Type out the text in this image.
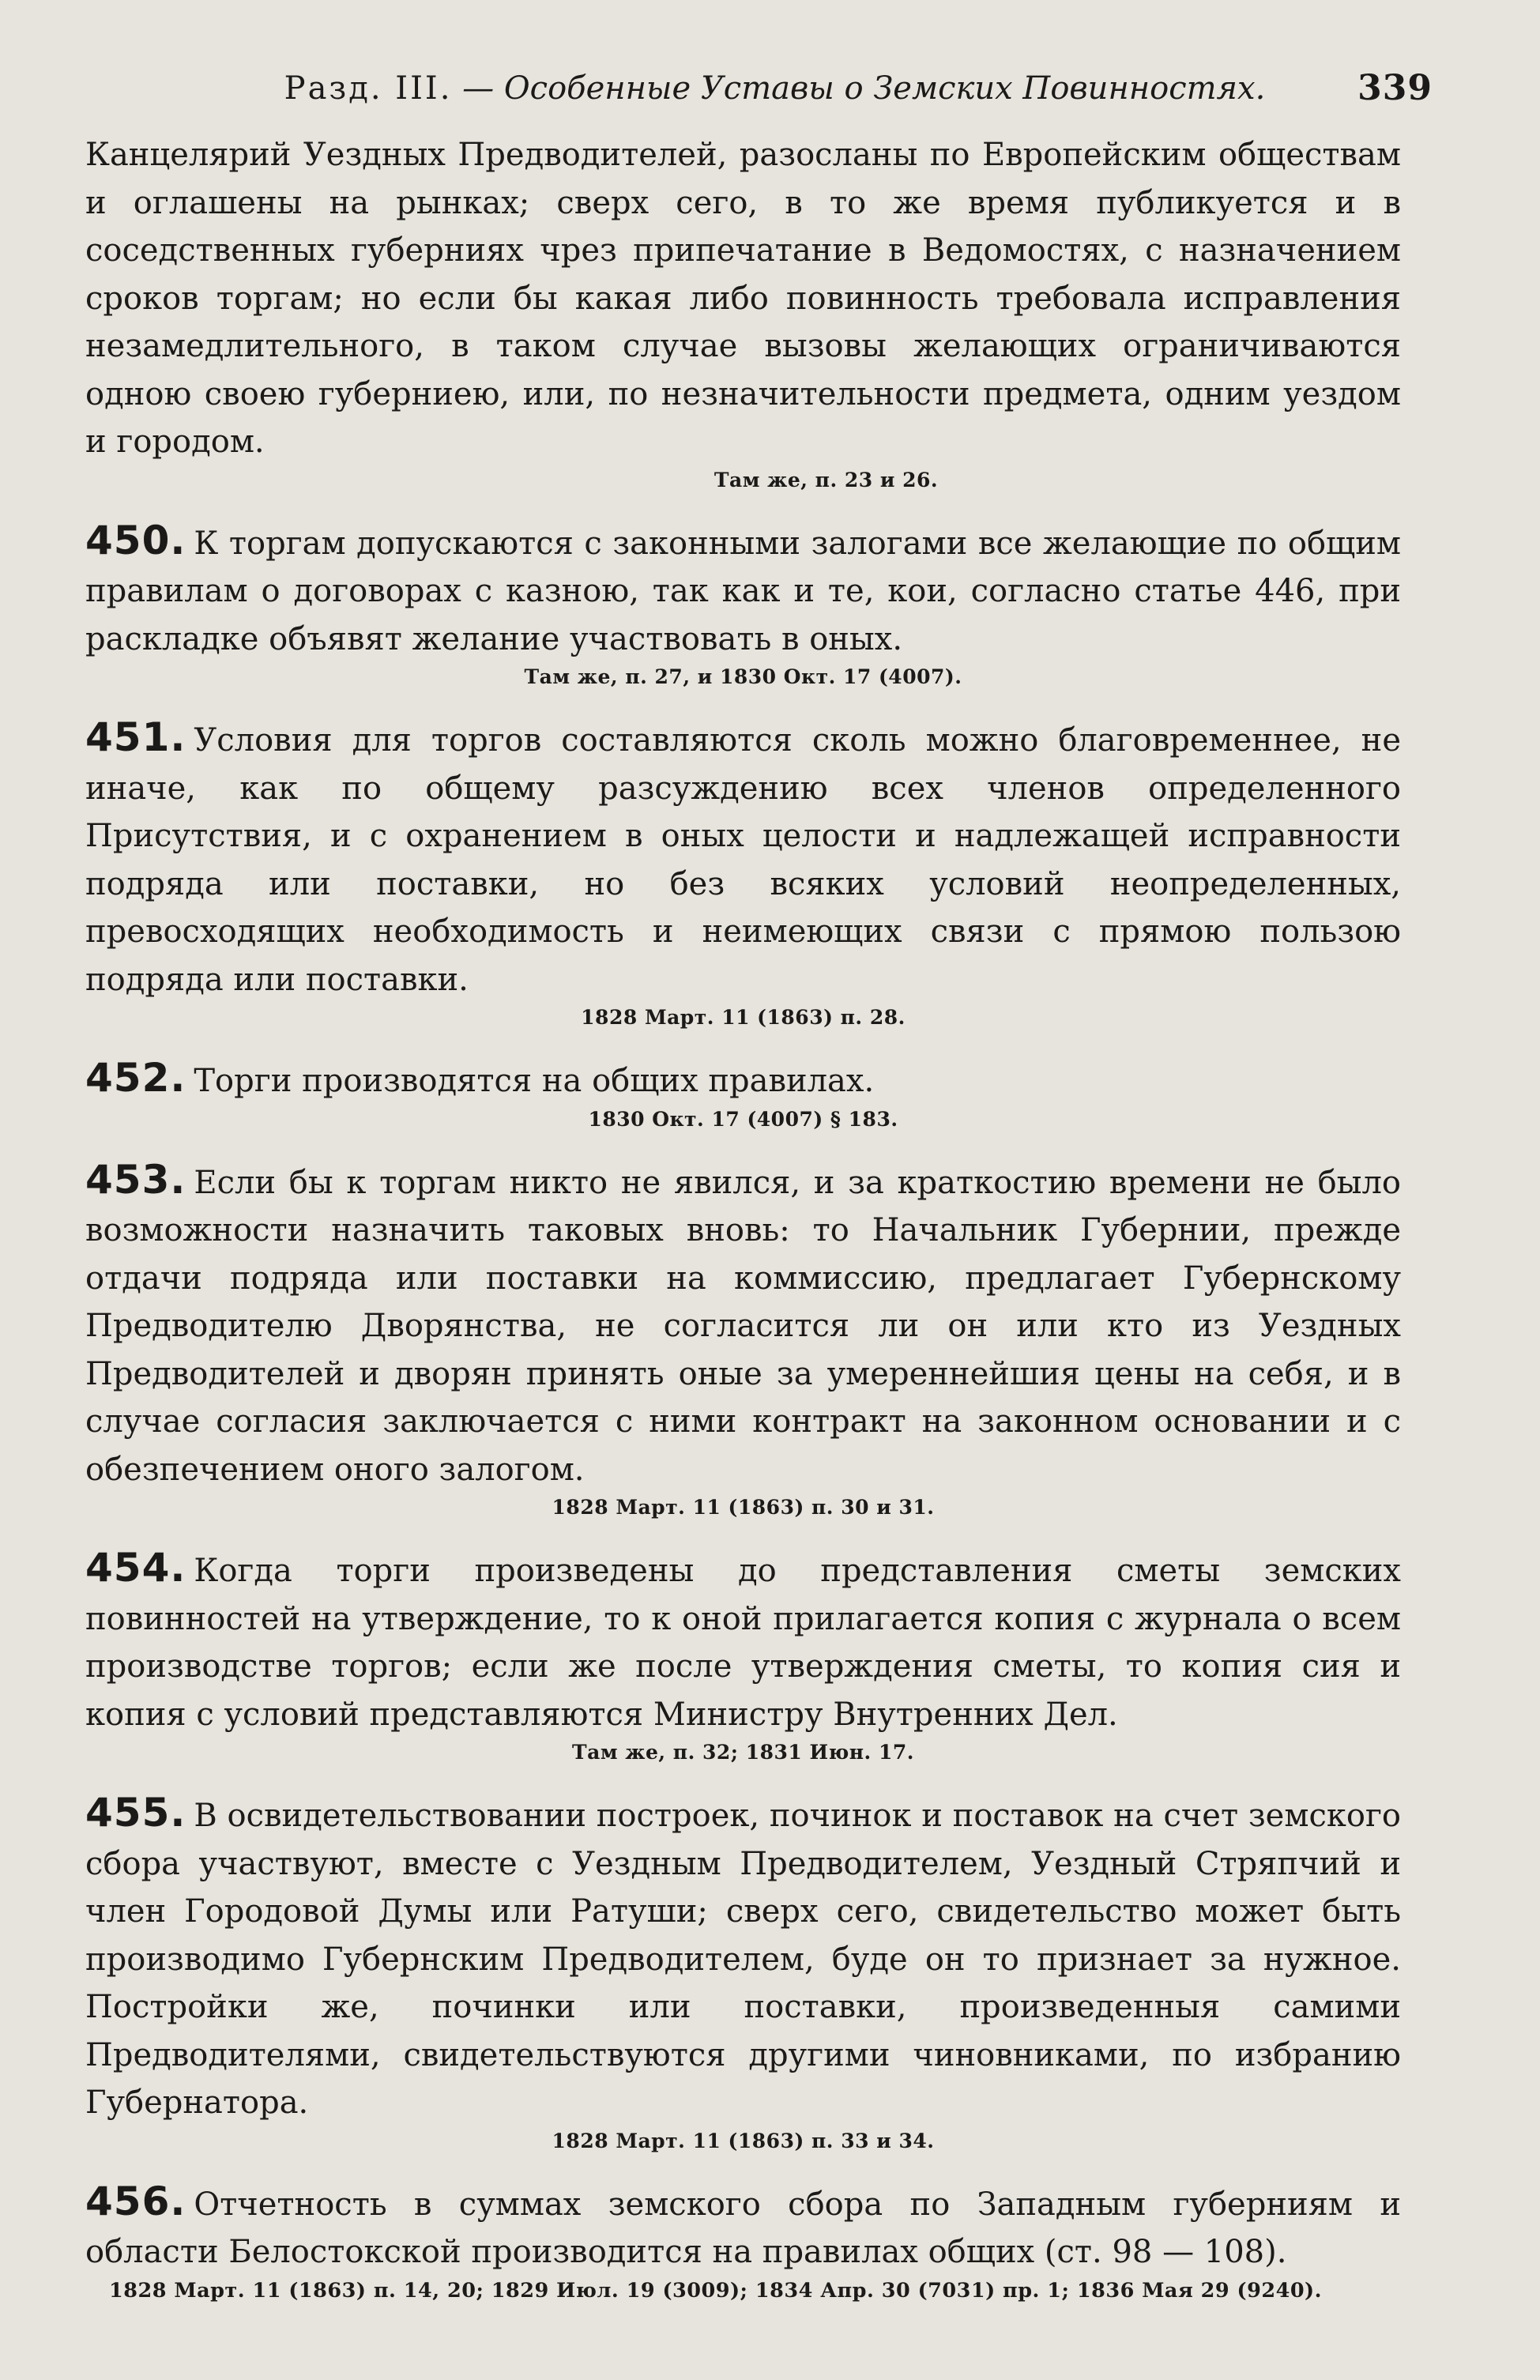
Разд. III. — Особенные Уставы о Земских Повинностях.	339

Канцелярий Уездных Предводителей, разосланы по Европейским обществам и оглашены на рынках; сверх сего, в то же время публикуется и в соседственных губерниях чрез припечатание в Ведомостях, с назначением сроков торгам; но если бы какая либо повинность требовала исправления незамедлительного, в таком случае вызовы желающих ограничиваются одною своею губерниею, или, по незначительности предмета, одним уездом и городом.

Там же, п. 23 и 26.

450. К торгам допускаются с законными залогами все желающие по общим правилам о договорах с казною, так как и те, кои, согласно статье 446, при раскладке объявят желание участвовать в оных.

Там же, п. 27, и 1830 Окт. 17 (4007).

451. Условия для торгов составляются сколь можно благовременнее, не иначе, как по общему разсуждению всех членов определенного Присутствия, и с охранением в оных целости и надлежащей исправности подряда или поставки, но без всяких условий неопределенных, превосходящих необходимость и неимеющих связи с прямою пользою подряда или поставки.

1828 Март. 11 (1863) п. 28.

452. Торги производятся на общих правилах.

1830 Окт. 17 (4007) § 183.

453. Если бы к торгам никто не явился, и за краткостию времени не было возможности назначить таковых вновь: то Начальник Губернии, прежде отдачи подряда или поставки на коммиссию, предлагает Губернскому Предводителю Дворянства, не согласится ли он или кто из Уездных Предводителей и дворян принять оные за умереннейшия цены на себя, и в случае согласия заключается с ними контракт на законном основании и с обезпечением оного залогом.

1828 Март. 11 (1863) п. 30 и 31.

454. Когда торги произведены до представления сметы земских повинностей на утверждение, то к оной прилагается копия с журнала о всем производстве торгов; если же после утверждения сметы, то копия сия и копия с условий представляются Министру Внутренних Дел.

Там же, п. 32; 1831 Июн. 17.

455. В освидетельствовании построек, починок и поставок на счет земского сбора участвуют, вместе с Уездным Предводителем, Уездный Стряпчий и член Городовой Думы или Ратуши; сверх сего, свидетельство может быть производимо Губернским Предводителем, буде он то признает за нужное. Постройки же, починки или поставки, произведенныя самими Предводителями, свидетельствуются другими чиновниками, по избранию Губернатора.

1828 Март. 11 (1863) п. 33 и 34.

456. Отчетность в суммах земского сбора по Западным губерниям и области Белостокской производится на правилах общих (ст. 98 — 108).

1828 Март. 11 (1863) п. 14, 20; 1829 Июл. 19 (3009); 1834 Апр. 30 (7031) пр. 1; 1836 Мая 29 (9240).
